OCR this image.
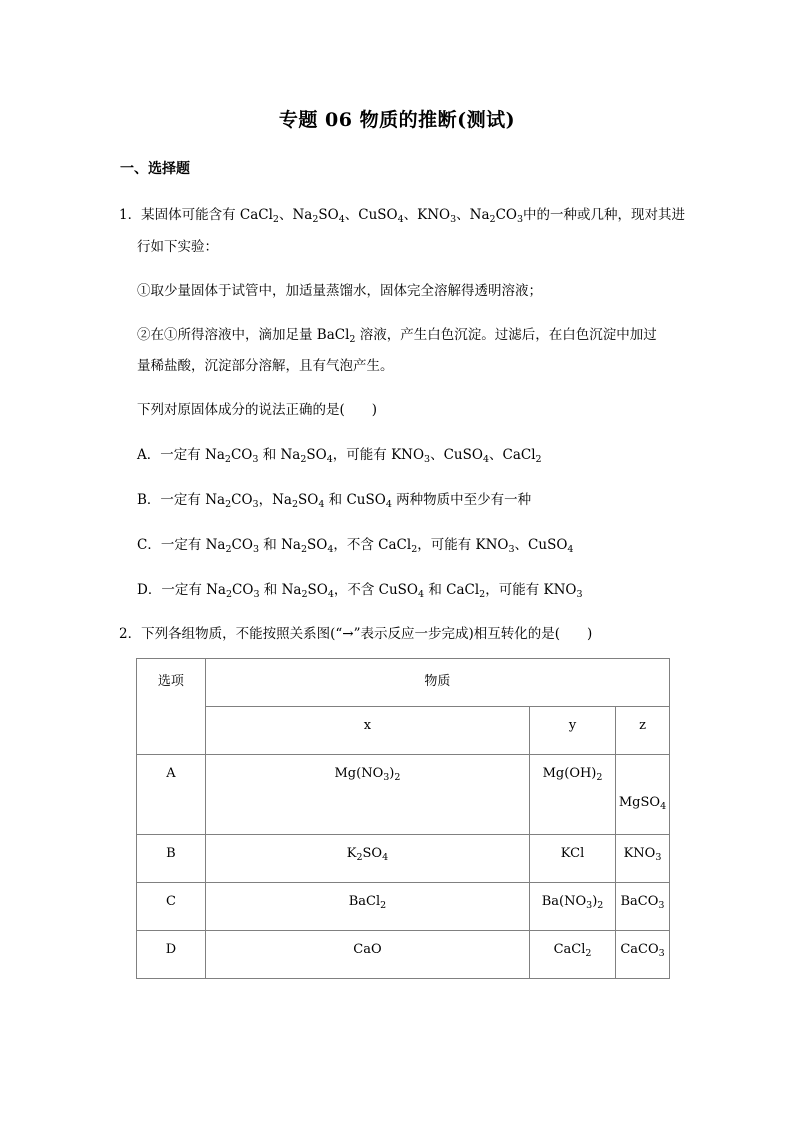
专题 06 物质的推断(测试)
一、选择题
1．某固体可能含有 CaCl$_2$、$Na_2SO_4$、CuSO$_4$、$KNO_3$、$Na_2CO_3$中的一种或几种，现对其进
行如下实验：
①取少量固体于试管中，加适量蒸馏水，固体完全溶解得透明溶液；
②在①所得溶液中，滴加足量 BaCl$_2$ 溶液，产生白色沉淀。过滤后，在白色沉淀中加过
量稀盐酸，沉淀部分溶解，且有气泡产生。
下列对原固体成分的说法正确的是(　　)
A．一定有 $Na_2CO_3$ 和 $Na_2SO_4$，可能有 $KNO_3$、CuSO$_4$、CaCl$_2$
B．一定有 $Na_2CO_3$，$Na_2SO_4$ 和 CuSO$_4$ 两种物质中至少有一种
C．一定有 $Na_2CO_3$ 和 $Na_2SO_4$，不含 CaCl$_2$，可能有 $KNO_3$、CuSO$_4$
D．一定有 $Na_2CO_3$ 和 $Na_2SO_4$，不含 CuSO$_4$ 和 CaCl$_2$，可能有 $KNO_3$
2．下列各组物质，不能按照关系图(“→”表示反应一步完成)相互转化的是(　　)
选项	物质		

	x	y	z

A	$Mg(NO_3)_2$	$Mg(OH)_2$	MgSO$_4$

B	$K_2SO_4$	KCl	$KNO_3$

C	BaCl$_2$	$Ba(NO_3)_2$	BaCO$_3$

D	CaO	CaCl$_2$	CaCO$_3$
